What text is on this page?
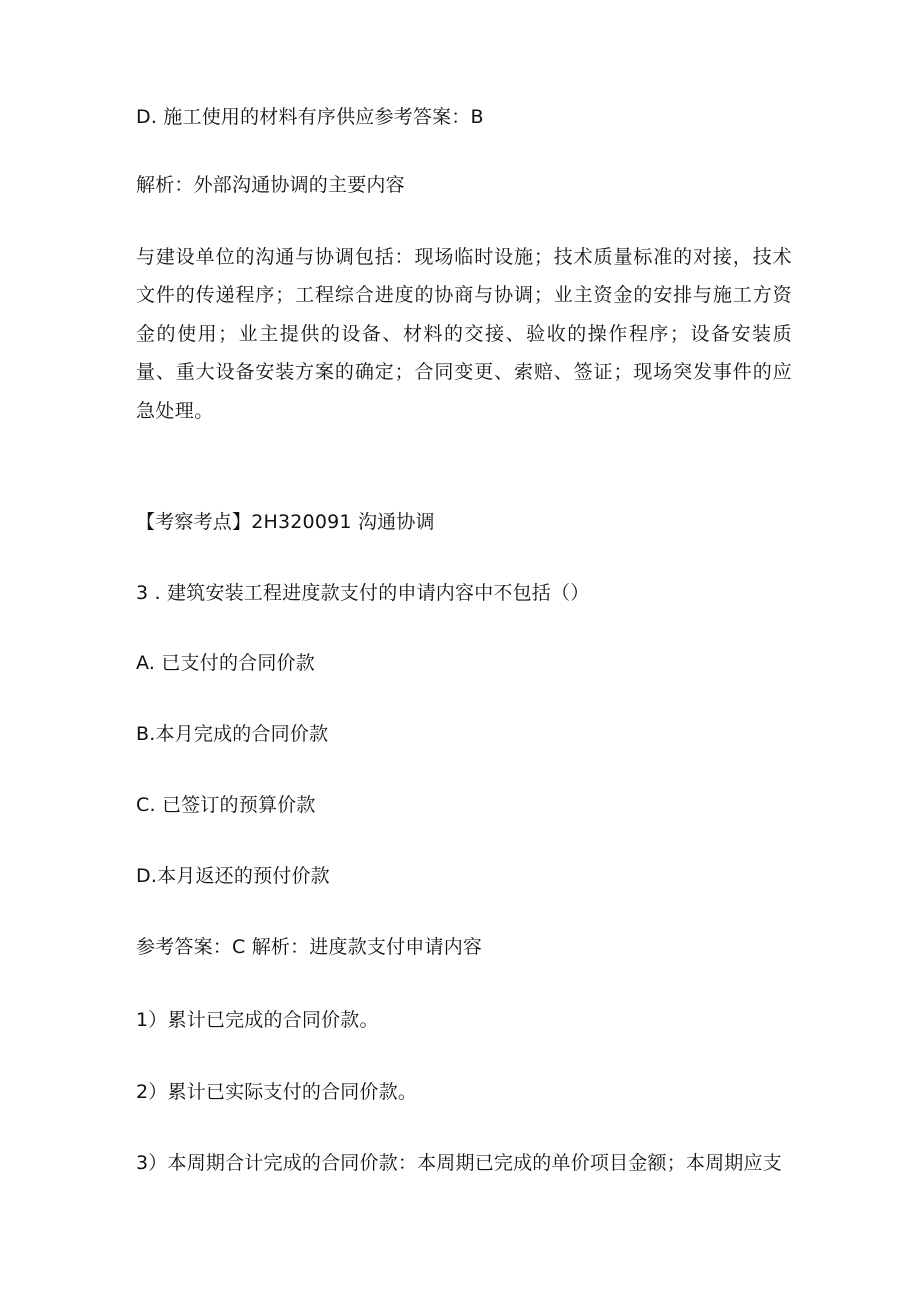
D. 施工使用的材料有序供应参考答案：B
解析：外部沟通协调的主要内容
与建设单位的沟通与协调包括：现场临时设施；技术质量标准的对接，技术文件的传递程序；工程综合进度的协商与协调；业主资金的安排与施工方资金的使用；业主提供的设备、材料的交接、验收的操作程序；设备安装质量、重大设备安装方案的确定；合同变更、索赔、签证；现场突发事件的应急处理。
【考察考点】2H320091 沟通协调
3 . 建筑安装工程进度款支付的申请内容中不包括（）
A. 已支付的合同价款
B.本月完成的合同价款
C. 已签订的预算价款
D.本月返还的预付价款
参考答案：C 解析：进度款支付申请内容
1）累计已完成的合同价款。
2）累计已实际支付的合同价款。
3）本周期合计完成的合同价款：本周期已完成的单价项目金额；本周期应支
